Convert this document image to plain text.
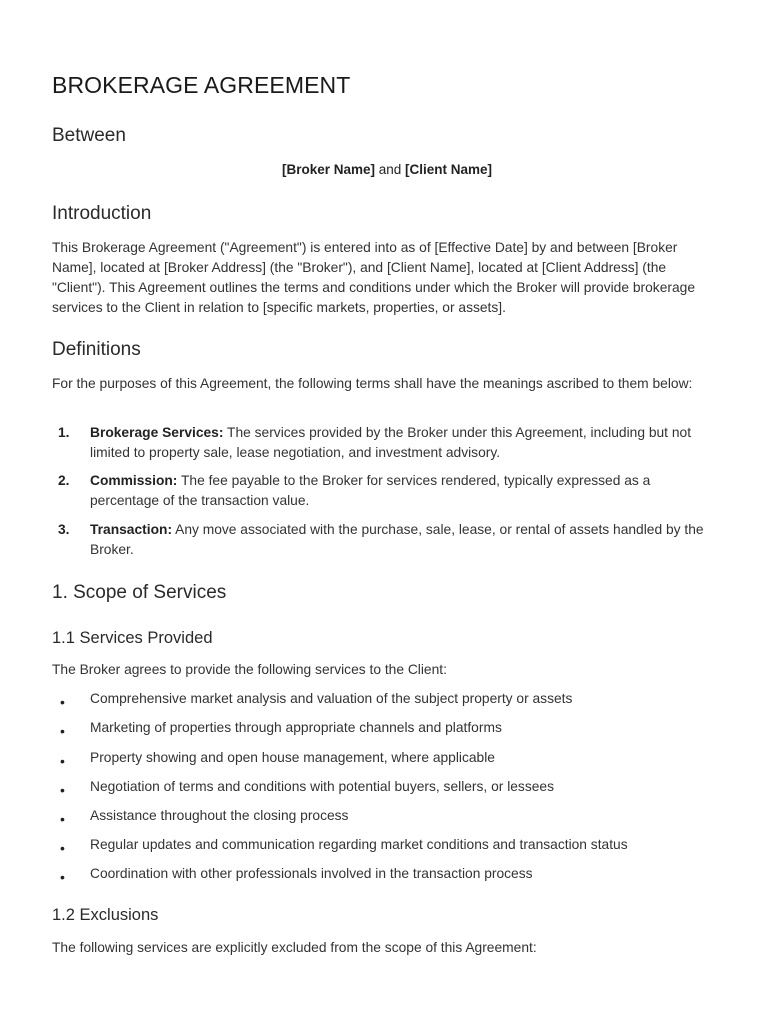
BROKERAGE AGREEMENT
Between
[Broker Name] and [Client Name]
Introduction

This Brokerage Agreement ("Agreement") is entered into as of [Effective Date] by and between [Broker Name], located at [Broker Address] (the "Broker"), and [Client Name], located at [Client Address] (the "Client"). This Agreement outlines the terms and conditions under which the Broker will provide brokerage services to the Client in relation to [specific markets, properties, or assets].

Definitions

For the purposes of this Agreement, the following terms shall have the meanings ascribed to them below:

1. Brokerage Services: The services provided by the Broker under this Agreement, including but not limited to property sale, lease negotiation, and investment advisory.
2. Commission: The fee payable to the Broker for services rendered, typically expressed as a percentage of the transaction value.
3. Transaction: Any move associated with the purchase, sale, lease, or rental of assets handled by the Broker.
1. Scope of Services
1.1 Services Provided

The Broker agrees to provide the following services to the Client:

• Comprehensive market analysis and valuation of the subject property or assets
• Marketing of properties through appropriate channels and platforms
• Property showing and open house management, where applicable
• Negotiation of terms and conditions with potential buyers, sellers, or lessees
• Assistance throughout the closing process
• Regular updates and communication regarding market conditions and transaction status
• Coordination with other professionals involved in the transaction process
1.2 Exclusions

The following services are explicitly excluded from the scope of this Agreement:
